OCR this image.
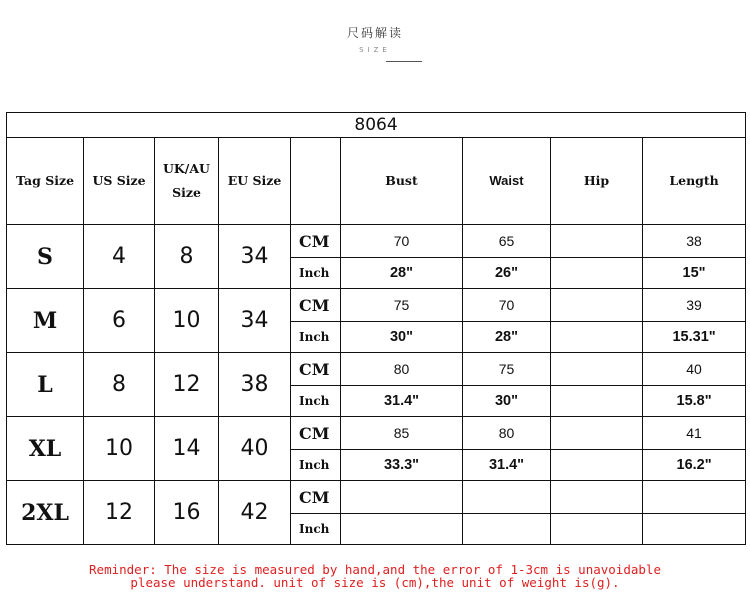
尺码解读
SIZE
8064								
Tag Size	US Size	UK/AU Size	EU Size		Bust	Waist	Hip	Length
S	4	8	34	CM	70	65		38
				Inch	28"	26"		15"
M	6	10	34	CM	75	70		39
				Inch	30"	28"		15.31"
L	8	12	38	CM	80	75		40
				Inch	31.4"	30"		15.8"
XL	10	14	40	CM	85	80		41
				Inch	33.3"	31.4"		16.2"
2XL	12	16	42	CM				
				Inch				
Reminder: The size is measured by hand,and the error of 1-3cm is unavoidable
please understand. unit of size is (cm),the unit of weight is(g).
